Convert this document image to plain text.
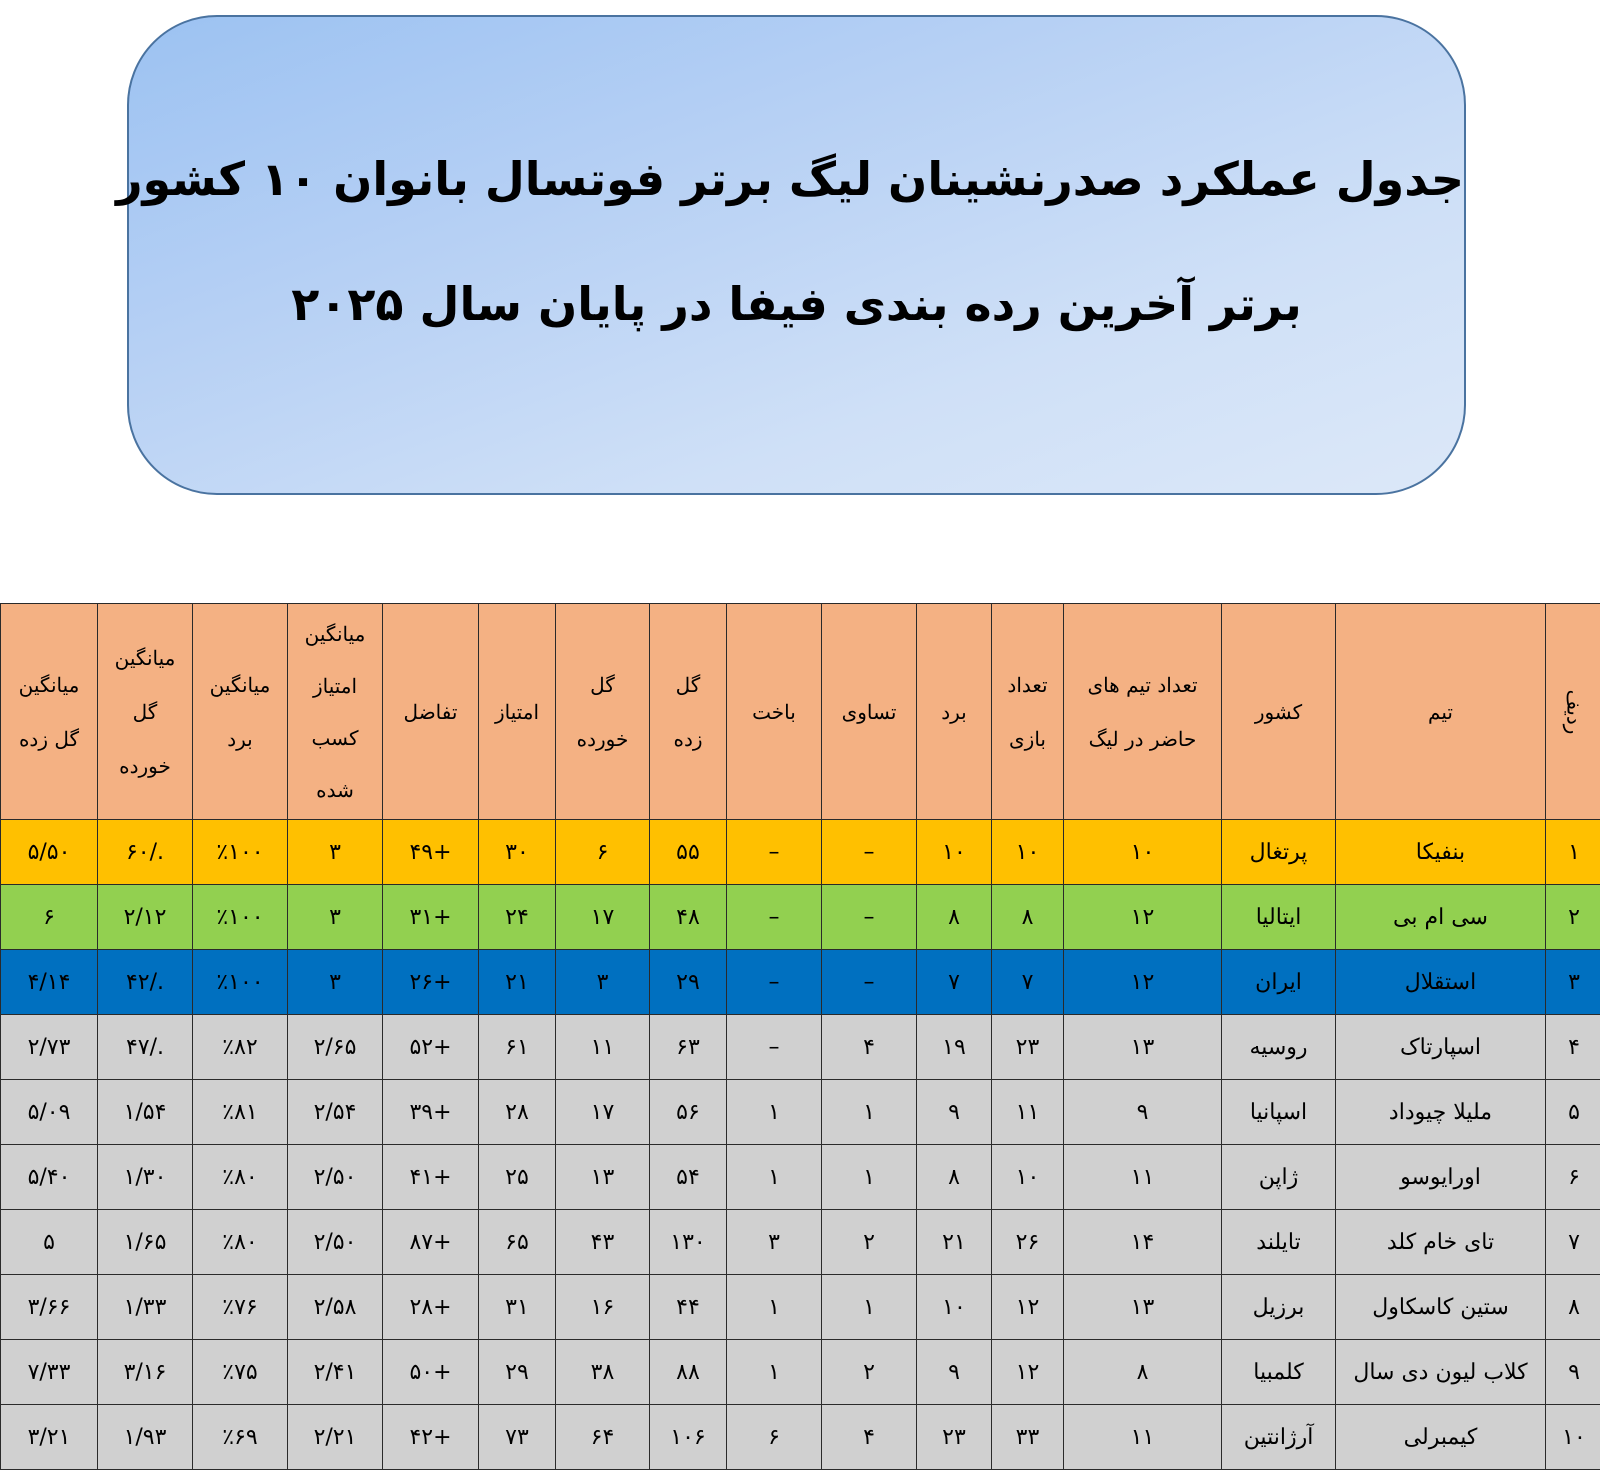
جدول عملکرد صدرنشینان لیگ برتر فوتسال بانوان ۱۰ کشور
برتر آخرین رده بندی فیفا در پایان سال ۲۰۲۵
ردیف	تیم	کشور	تعداد تیم های حاضر در لیگ	تعداد بازی	برد	تساوی	باخت	گل زده	گل خورده	امتیاز	تفاضل	میانگین امتیاز کسب شده	میانگین برد	میانگین گل خورده	میانگین گل زده
۱	بنفیکا	پرتغال	۱۰	۱۰	۱۰	–	–	۵۵	۶	۳۰	+۴۹	۳	٪۱۰۰	./۶۰	۵/۵۰
۲	سی ام بی	ایتالیا	۱۲	۸	۸	–	–	۴۸	۱۷	۲۴	+۳۱	۳	٪۱۰۰	۲/۱۲	۶
۳	استقلال	ایران	۱۲	۷	۷	–	–	۲۹	۳	۲۱	+۲۶	۳	٪۱۰۰	./۴۲	۴/۱۴
۴	اسپارتاک	روسیه	۱۳	۲۳	۱۹	۴	–	۶۳	۱۱	۶۱	+۵۲	۲/۶۵	٪۸۲	./۴۷	۲/۷۳
۵	ملیلا چیوداد	اسپانیا	۹	۱۱	۹	۱	۱	۵۶	۱۷	۲۸	+۳۹	۲/۵۴	٪۸۱	۱/۵۴	۵/۰۹
۶	اورایوسو	ژاپن	۱۱	۱۰	۸	۱	۱	۵۴	۱۳	۲۵	+۴۱	۲/۵۰	٪۸۰	۱/۳۰	۵/۴۰
۷	تای خام کلد	تایلند	۱۴	۲۶	۲۱	۲	۳	۱۳۰	۴۳	۶۵	+۸۷	۲/۵۰	٪۸۰	۱/۶۵	۵
۸	ستین کاسکاول	برزیل	۱۳	۱۲	۱۰	۱	۱	۴۴	۱۶	۳۱	+۲۸	۲/۵۸	٪۷۶	۱/۳۳	۳/۶۶
۹	کلاب لیون دی سال	کلمبیا	۸	۱۲	۹	۲	۱	۸۸	۳۸	۲۹	+۵۰	۲/۴۱	٪۷۵	۳/۱۶	۷/۳۳
۱۰	کیمبرلی	آرژانتین	۱۱	۳۳	۲۳	۴	۶	۱۰۶	۶۴	۷۳	+۴۲	۲/۲۱	٪۶۹	۱/۹۳	۳/۲۱
